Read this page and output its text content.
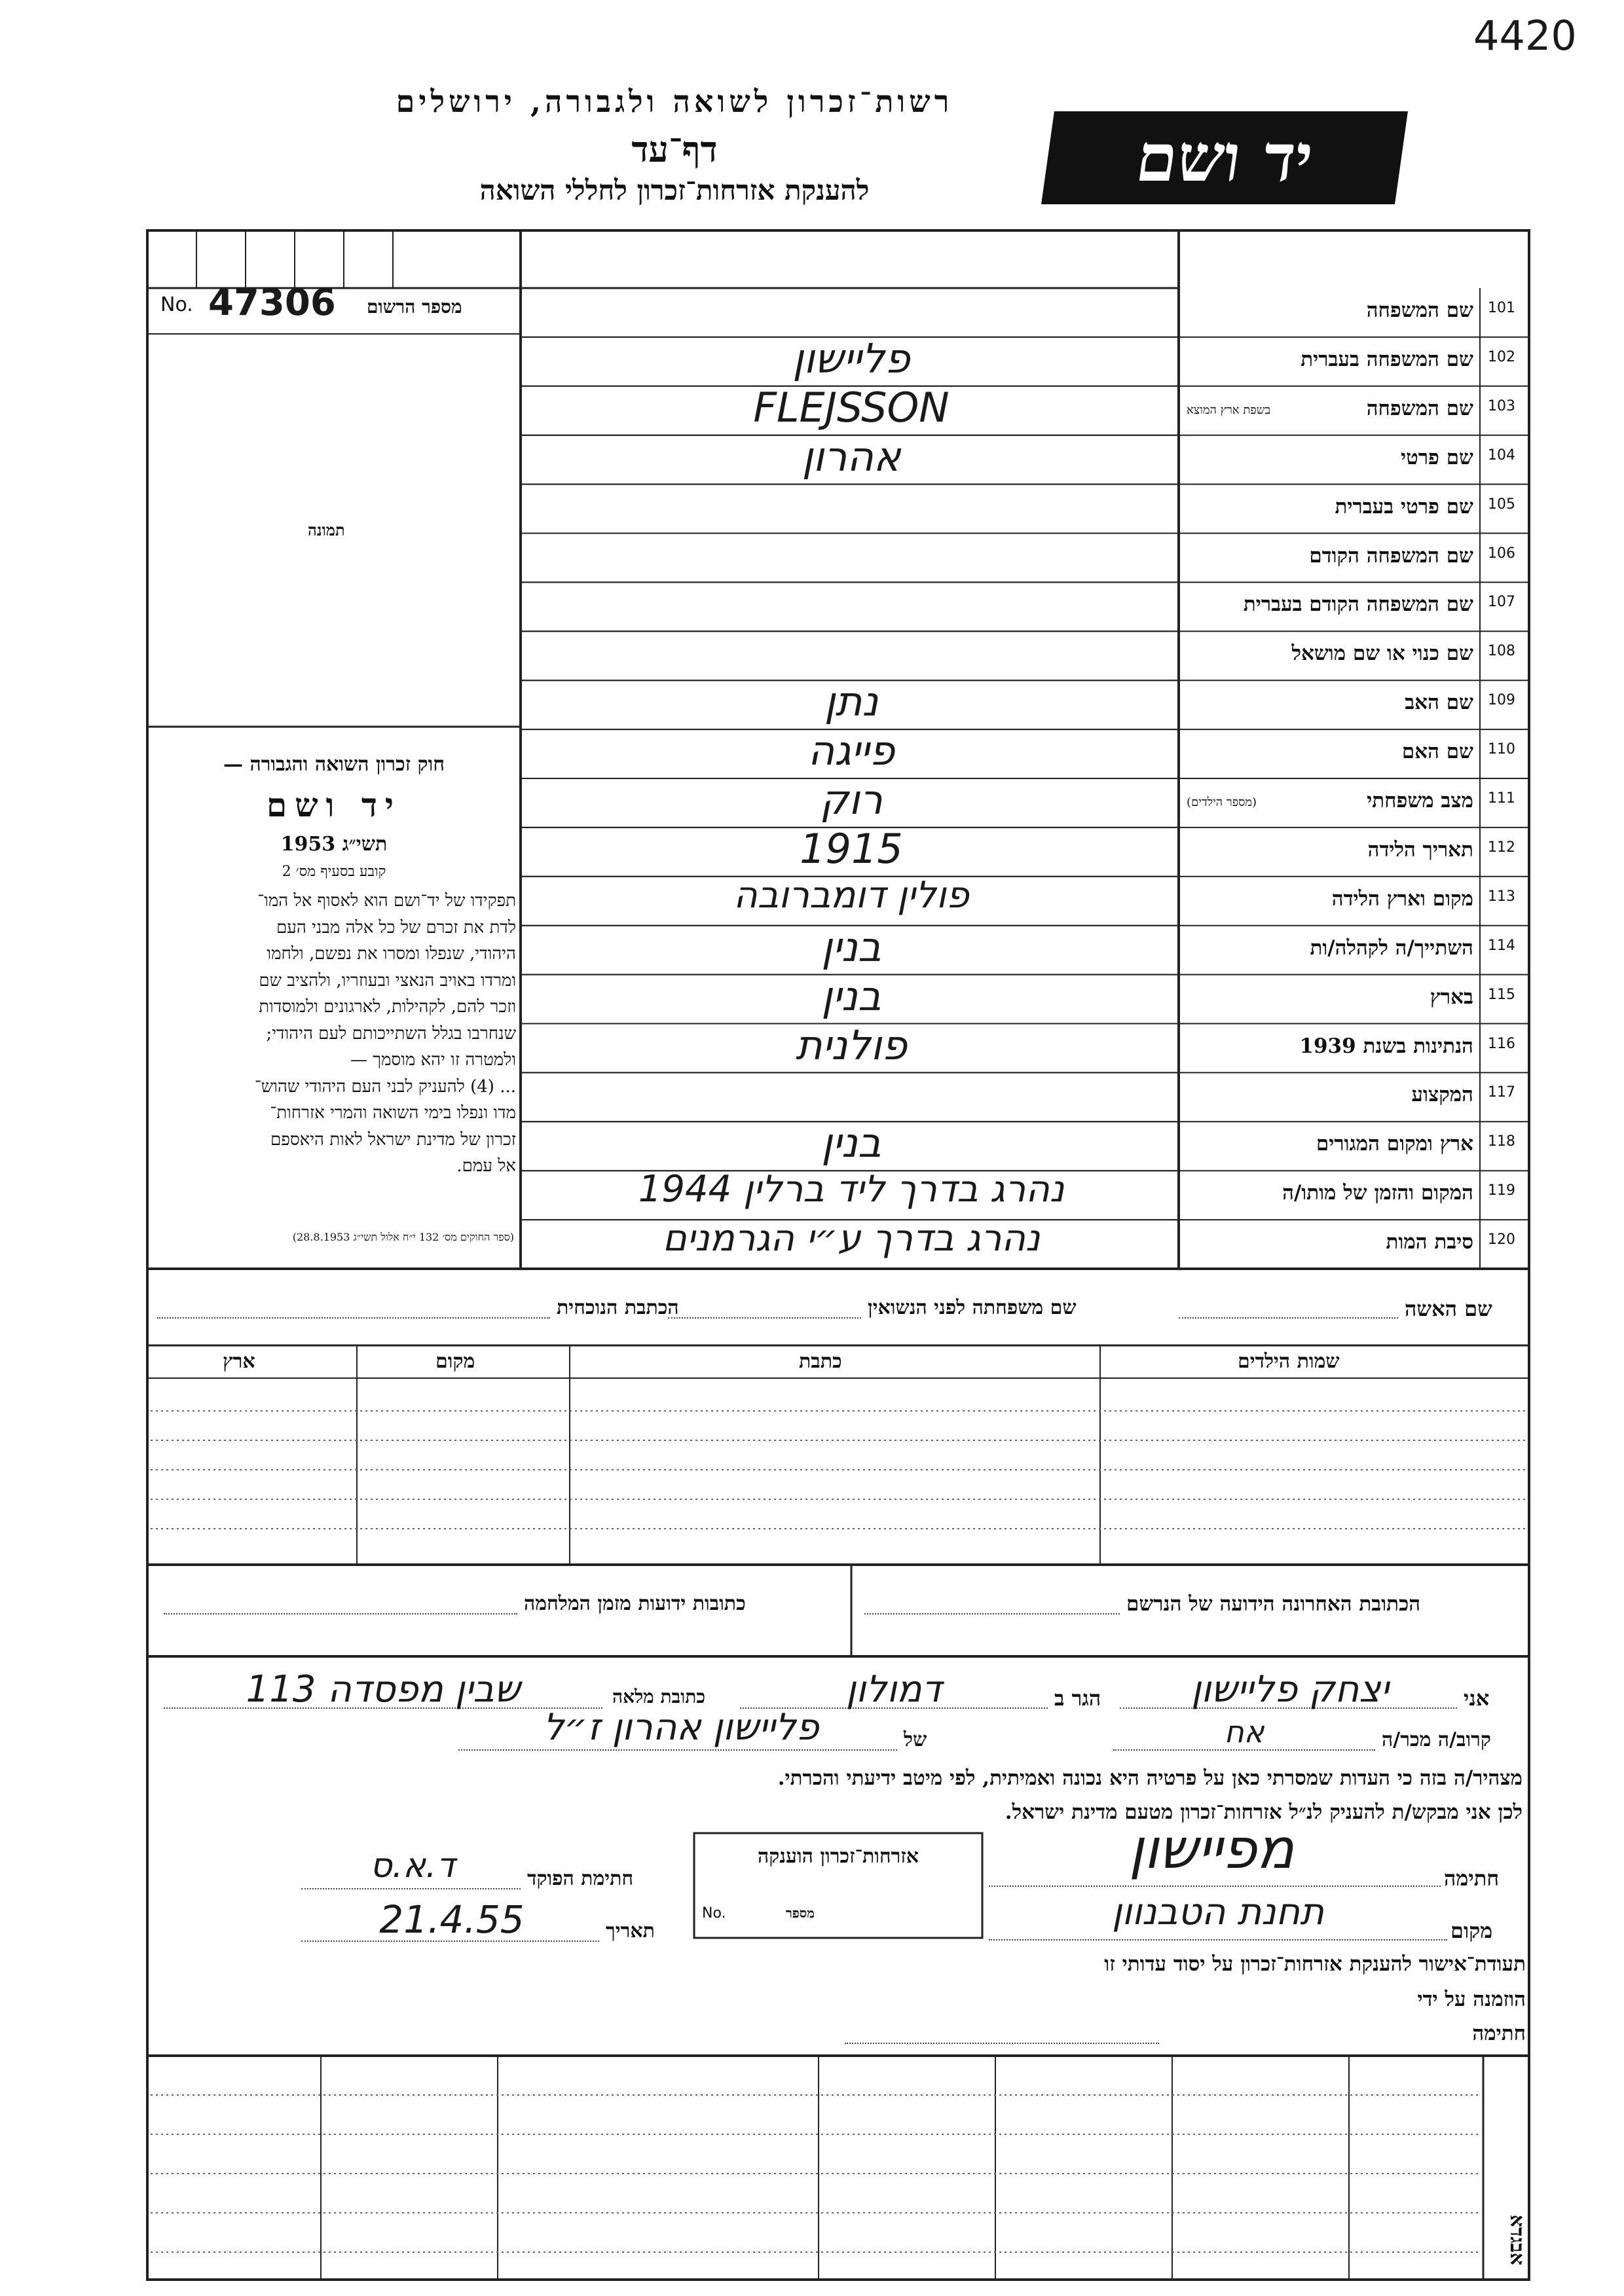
4420
רשות־זכרון לשואה ולגבורה, ירושלים
דף־עד
להענקת אזרחות־זכרון לחללי השואה	יד ושם
No. 47306 מספר הרשום
תמונה
101
שם המשפחה
102
שם המשפחה בעברית
פליישון
103
שם המשפחה
בשפת ארץ המוצא
FLEJSSON
104
שם פרטי
אהרון
105
שם פרטי בעברית
106
שם המשפחה הקודם
107
שם המשפחה הקודם בעברית
108
שם כנוי או שם מושאל
109
שם האב
נתן
110
שם האם
פייגה
111
מצב משפחתי
(מספר הילדים)
רוק
112
תאריך הלידה
1915
113
מקום וארץ הלידה
פולין דומברובה
114
השתייך/ה לקהלה/ות
בנין
115
בארץ
בנין
116
הנתינות בשנת 1939
פולנית
117
המקצוע
118
ארץ ומקום המגורים
בנין
119
המקום והזמן של מותו/ה
נהרג בדרך ליד ברלין 1944
120
סיבת המות
נהרג בדרך ע״י הגרמנים
חוק זכרון השואה והגבורה —
יד ושם
תשי״ג 1953
קובע בסעיף מס׳ 2
תפקידו של יד־ושם הוא לאסוף אל המו־
לדת את זכרם של כל אלה מבני העם
היהודי, שנפלו ומסרו את נפשם, ולחמו
ומרדו באויב הנאצי ובעוזריו, ולהציב שם
וזכר להם, לקהילות, לארגונים ולמוסדות
שנחרבו בגלל השתייכותם לעם היהודי;
ולמטרה זו יהא מוסמך —
... (4) להעניק לבני העם היהודי שהוש־
מדו ונפלו בימי השואה והמרי אזרחות־
זכרון של מדינת ישראל לאות היאספם
אל עמם.
(ספר החוקים מס׳ 132 י״ח אלול תשי״ג 28.8.1953)
שם האשה
שם משפחתה לפני הנשואין
הכתבת הנוכחית
שמות הילדים
כתבת
מקום
ארץ
הכתובת האחרונה הידועה של הנרשם
כתובות ידועות מזמן המלחמה
אני
יצחק פליישון
הגר ב
דמולון
כתובת מלאה
שבין מפסדה 113
קרוב/ה מכר/ה
אח
של
פליישון אהרון ז״ל
מצהיר/ה בזה כי העדות שמסרתי כאן על פרטיה היא נכונה ואמיתית, לפי מיטב ידיעתי והכרתי.
לכן אני מבקש/ת להעניק לנ״ל אזרחות־זכרון מטעם מדינת ישראל.
חתימה
מפיישון
מקום
תחנת הטבנוון
תעודת־אישור להענקת אזרחות־זכרון על יסוד עדותי זו
הוזמנה על ידי
חתימה
אזרחות־זכרון הוענקה
No.	מספר
חתימת הפוקד
ד.א.ס
תאריך
21.4.55
אבגדא
